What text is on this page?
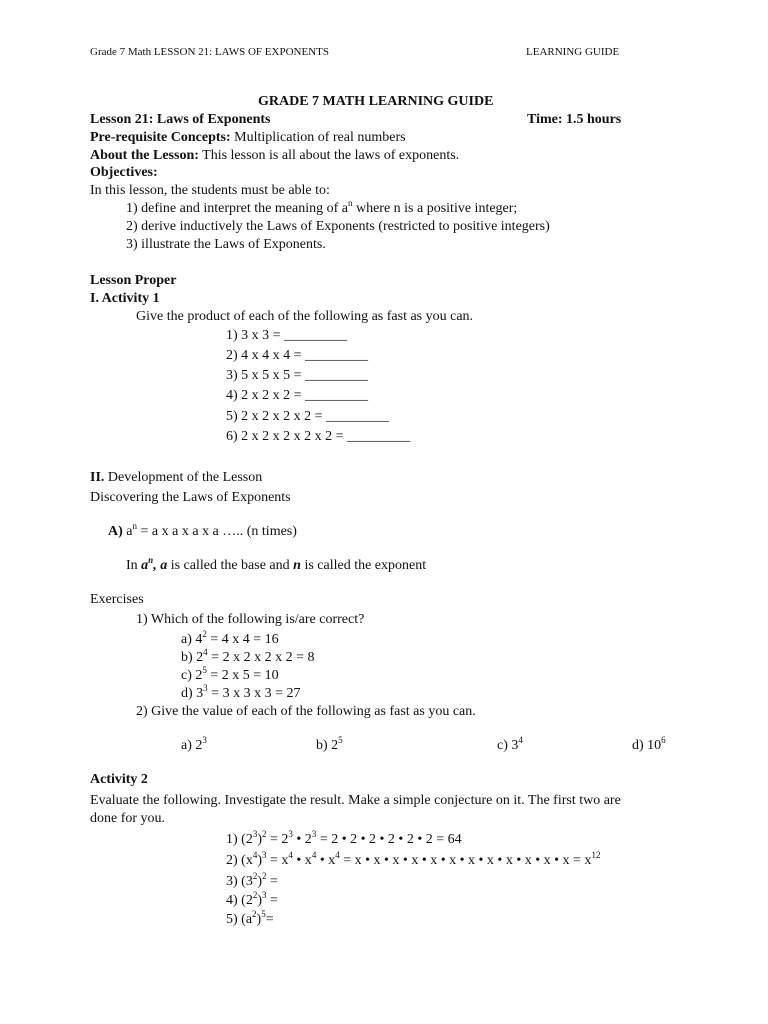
Grade 7 Math LESSON 21: LAWS OF EXPONENTS	LEARNING GUIDE
GRADE 7 MATH LEARNING GUIDE
Lesson 21: Laws of Exponents	Time: 1.5 hours
Pre-requisite Concepts: Multiplication of real numbers
About the Lesson: This lesson is all about the laws of exponents.
Objectives:
In this lesson, the students must be able to:
1) define and interpret the meaning of $a^n$ where n is a positive integer;
2) derive inductively the Laws of Exponents (restricted to positive integers)
3) illustrate the Laws of Exponents.
Lesson Proper
I. Activity 1
Give the product of each of the following as fast as you can.
1) 3 x 3 = _________
2) 4 x 4 x 4 = _________
3) 5 x 5 x 5 = _________
4) 2 x 2 x 2 = _________
5) 2 x 2 x 2 x 2 = _________
6) 2 x 2 x 2 x 2 x 2 = _________
II. Development of the Lesson
Discovering the Laws of Exponents
A) $a^n = a$ x a x a x a ….. (n times)
In $a^n$, a is called the base and n is called the exponent
Exercises
1) Which of the following is/are correct?
a) $4^2 = 4$ x 4 = 16
b) $2^4 = 2$ x 2 x 2 x 2 = 8
c) $2^5 = 2$ x 5 = 10
d) $3^3 = 3$ x 3 x 3 = 27
2) Give the value of each of the following as fast as you can.
a) $2^3$	b) $2^5$	c) $3^4$	d) $10^6$
Activity 2
Evaluate the following. Investigate the result. Make a simple conjecture on it. The first two are
done for you.
1) $(2^3)^2 = 2^3$ • $2^3 = 2$ • 2 • 2 • 2 • 2 • 2 = 64
2) $(x^4)^3 = x^4$ • $x^4$ • $x^4 = x$ • x • x • x • x • x • x • x • x • x • x • $x = x^{12}$
3) $(3^2)^2$ =
4) $(2^2)^3$ =
5) $(a^2)^5=$
